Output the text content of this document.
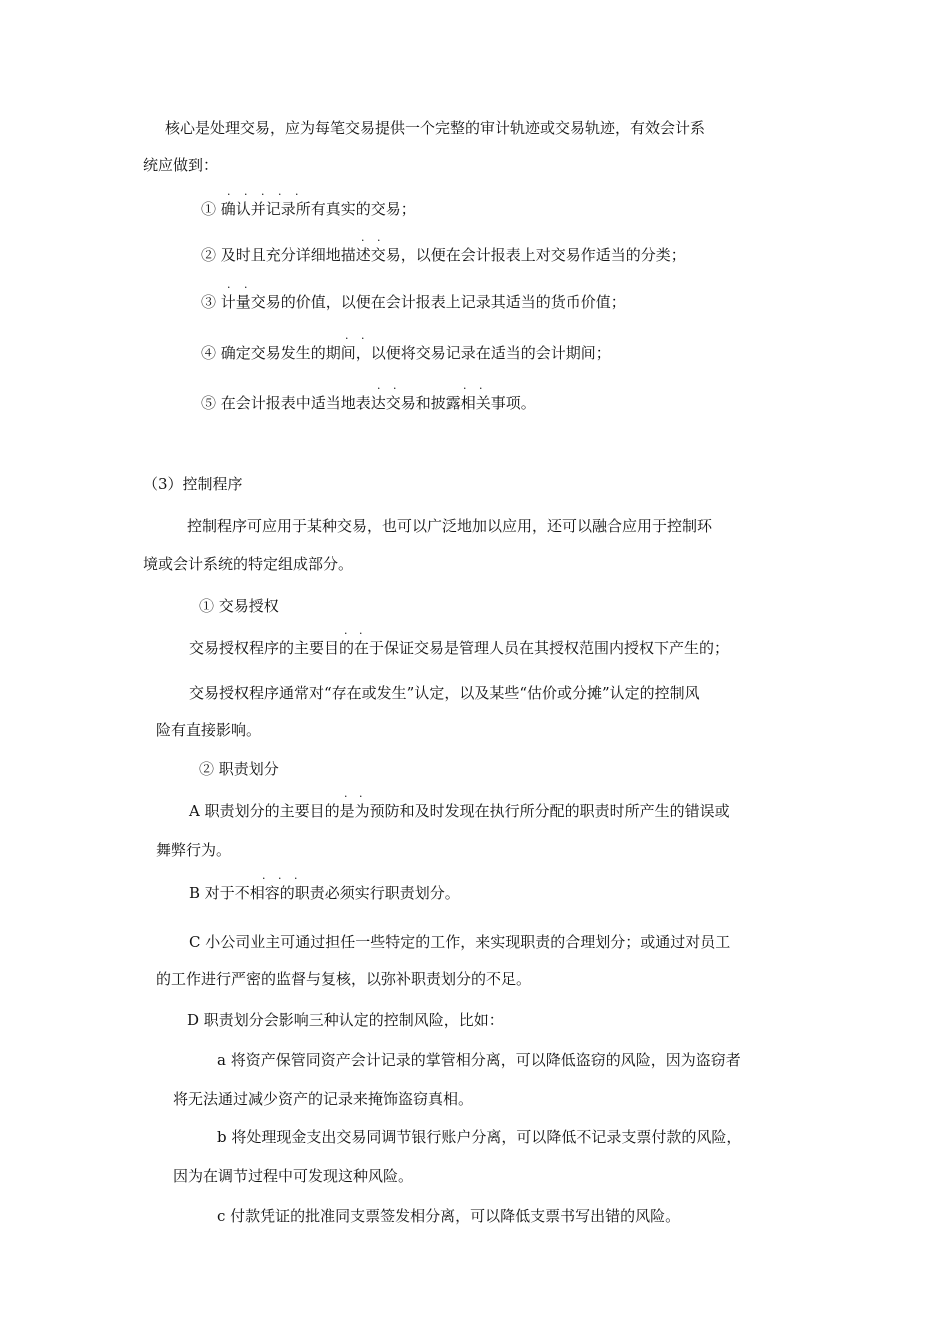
核心是处理交易，应为每笔交易提供一个完整的审计轨迹或交易轨迹，有效会计系
统应做到：
① 确认并记录所有真实的交易；
· · · · ·
② 及时且充分详细地描述交易，以便在会计报表上对交易作适当的分类；
· ·
③ 计量交易的价值，以便在会计报表上记录其适当的货币价值；
· ·
④ 确定交易发生的期间，以便将交易记录在适当的会计期间；
· ·
⑤ 在会计报表中适当地表达交易和披露相关事项。
· ·	· ·
（3）控制程序
控制程序可应用于某种交易，也可以广泛地加以应用，还可以融合应用于控制环
境或会计系统的特定组成部分。
① 交易授权
交易授权程序的主要目的在于保证交易是管理人员在其授权范围内授权下产生的；
· ·
交易授权程序通常对“存在或发生”认定，以及某些“估价或分摊”认定的控制风
险有直接影响。
② 职责划分
A 职责划分的主要目的是为预防和及时发现在执行所分配的职责时所产生的错误或
· ·
舞弊行为。
B 对于不相容的职责必须实行职责划分。
· · ·
C 小公司业主可通过担任一些特定的工作，来实现职责的合理划分；或通过对员工
的工作进行严密的监督与复核，以弥补职责划分的不足。
D 职责划分会影响三种认定的控制风险，比如：
a 将资产保管同资产会计记录的掌管相分离，可以降低盗窃的风险，因为盗窃者
将无法通过减少资产的记录来掩饰盗窃真相。
b 将处理现金支出交易同调节银行账户分离，可以降低不记录支票付款的风险，
因为在调节过程中可发现这种风险。
c 付款凭证的批准同支票签发相分离，可以降低支票书写出错的风险。
